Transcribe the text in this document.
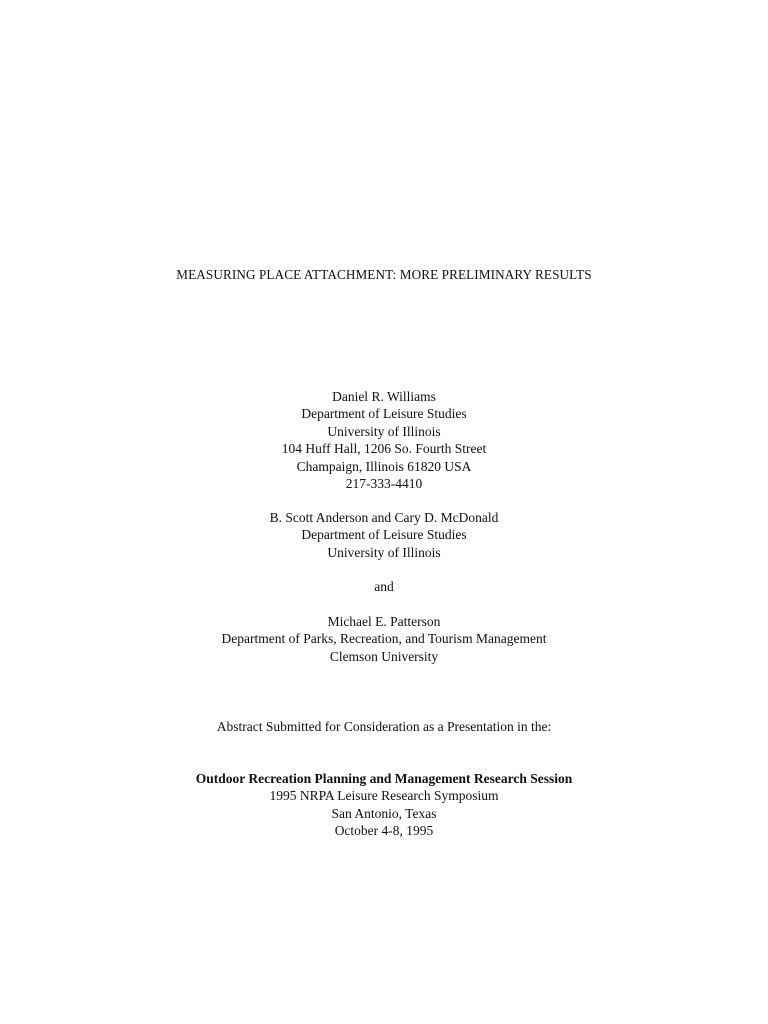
MEASURING PLACE ATTACHMENT: MORE PRELIMINARY RESULTS
Daniel R. Williams
Department of Leisure Studies
University of Illinois
104 Huff Hall, 1206 So. Fourth Street
Champaign, Illinois 61820 USA
217-333-4410
B. Scott Anderson and Cary D. McDonald
Department of Leisure Studies
University of Illinois
and
Michael E. Patterson
Department of Parks, Recreation, and Tourism Management
Clemson University
Abstract Submitted for Consideration as a Presentation in the:
Outdoor Recreation Planning and Management Research Session
1995 NRPA Leisure Research Symposium
San Antonio, Texas
October 4-8, 1995
